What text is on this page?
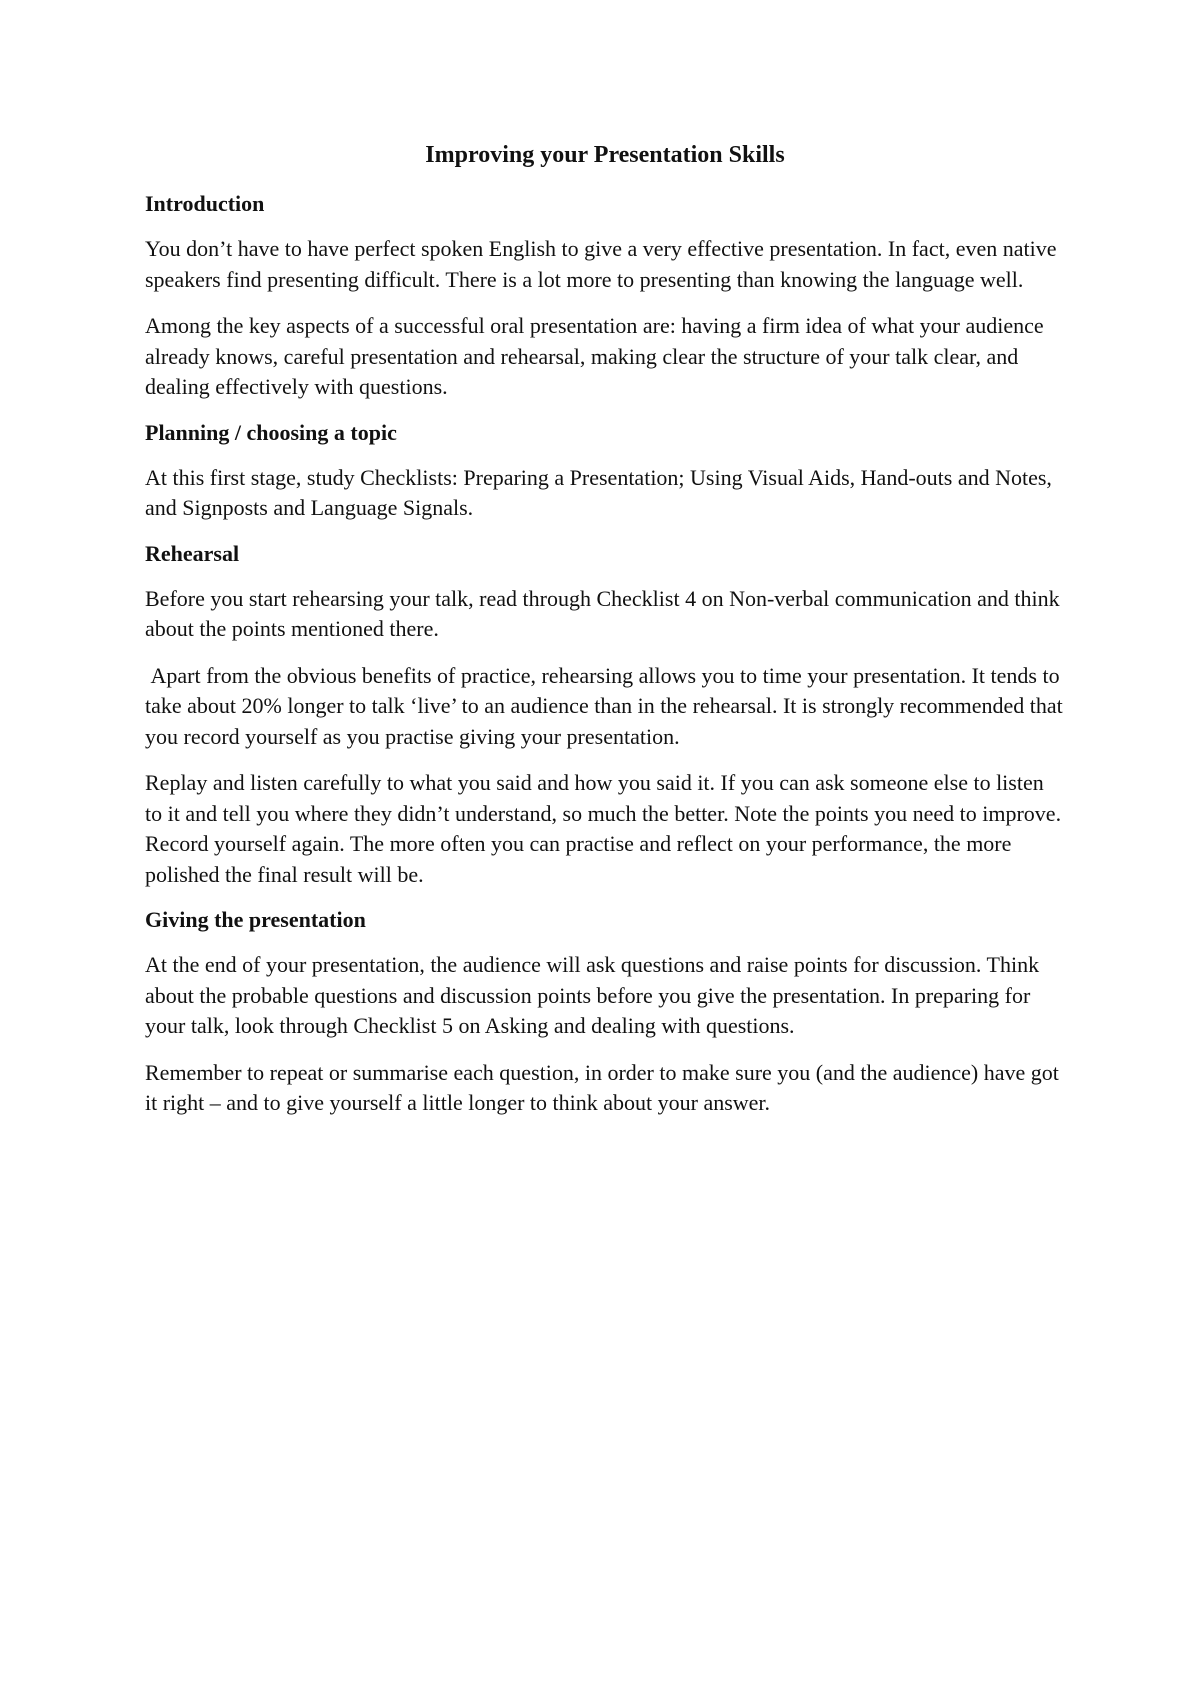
Improving your Presentation Skills
Introduction

You don’t have to have perfect spoken English to give a very effective presentation. In fact, even native speakers find presenting difficult. There is a lot more to presenting than knowing the language well.

Among the key aspects of a successful oral presentation are: having a firm idea of what your audience already knows, careful presentation and rehearsal, making clear the structure of your talk clear, and dealing effectively with questions.

Planning / choosing a topic

At this first stage, study Checklists: Preparing a Presentation; Using Visual Aids, Hand-outs and Notes, and Signposts and Language Signals.

Rehearsal

Before you start rehearsing your talk, read through Checklist 4 on Non-verbal communication and think about the points mentioned there.

Apart from the obvious benefits of practice, rehearsing allows you to time your presentation. It tends to take about 20% longer to talk ‘live’ to an audience than in the rehearsal. It is strongly recommended that you record yourself as you practise giving your presentation.

Replay and listen carefully to what you said and how you said it. If you can ask someone else to listen to it and tell you where they didn’t understand, so much the better. Note the points you need to improve. Record yourself again. The more often you can practise and reflect on your performance, the more polished the final result will be.

Giving the presentation

At the end of your presentation, the audience will ask questions and raise points for discussion. Think about the probable questions and discussion points before you give the presentation. In preparing for your talk, look through Checklist 5 on Asking and dealing with questions.

Remember to repeat or summarise each question, in order to make sure you (and the audience) have got it right – and to give yourself a little longer to think about your answer.
